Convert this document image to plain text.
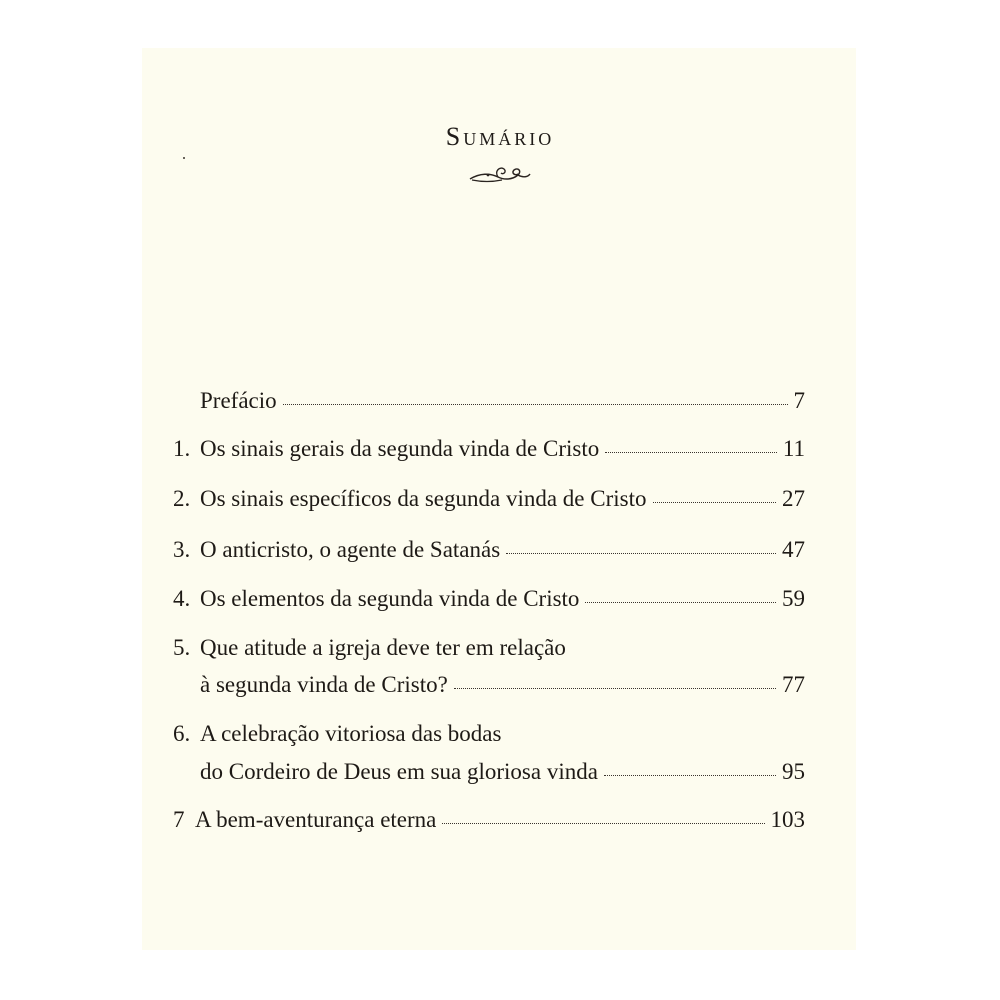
Sumário
Prefácio	7
1. Os sinais gerais da segunda vinda de Cristo	11
2. Os sinais específicos da segunda vinda de Cristo	27
3. O anticristo, o agente de Satanás	47
4. Os elementos da segunda vinda de Cristo	59
5. Que atitude a igreja deve ter em relação
à segunda vinda de Cristo?	77
6. A celebração vitoriosa das bodas
do Cordeiro de Deus em sua gloriosa vinda	95
7 A bem-aventurança eterna	103
